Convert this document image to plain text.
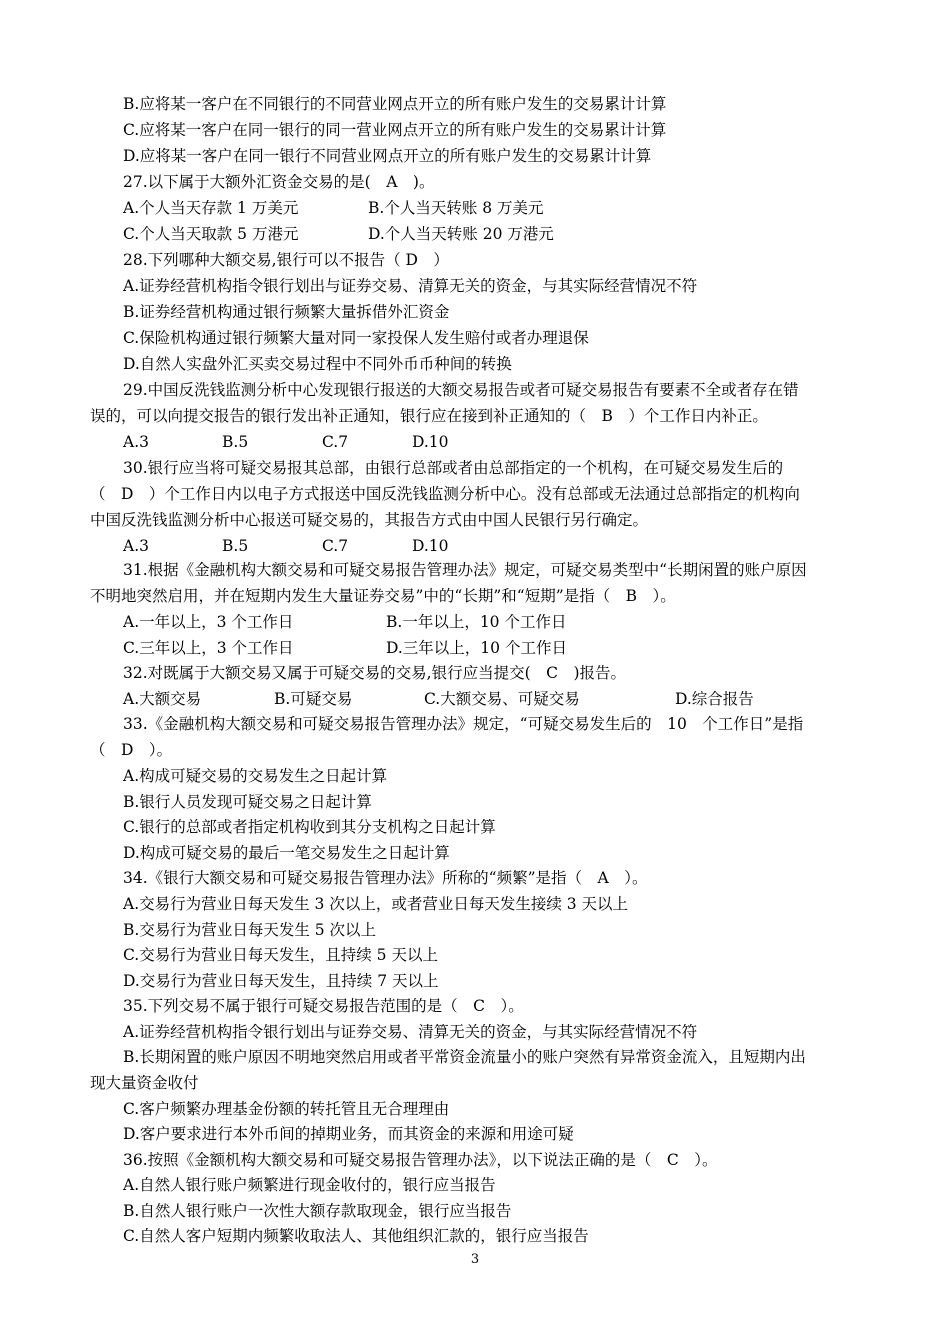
B.应将某一客户在不同银行的不同营业网点开立的所有账户发生的交易累计计算
C.应将某一客户在同一银行的同一营业网点开立的所有账户发生的交易累计计算
D.应将某一客户在同一银行不同营业网点开立的所有账户发生的交易累计计算
27.以下属于大额外汇资金交易的是(　A　)。
A.个人当天存款 1 万美元	B.个人当天转账 8 万美元
C.个人当天取款 5 万港元	D.个人当天转账 20 万港元
28.下列哪种大额交易,银行可以不报告（ D　）
A.证券经营机构指令银行划出与证券交易、清算无关的资金，与其实际经营情况不符
B.证券经营机构通过银行频繁大量拆借外汇资金
C.保险机构通过银行频繁大量对同一家投保人发生赔付或者办理退保
D.自然人实盘外汇买卖交易过程中不同外币币种间的转换
29.中国反洗钱监测分析中心发现银行报送的大额交易报告或者可疑交易报告有要素不全或者存在错
误的，可以向提交报告的银行发出补正通知，银行应在接到补正通知的（　B　）个工作日内补正。
A.3	B.5	C.7	D.10
30.银行应当将可疑交易报其总部，由银行总部或者由总部指定的一个机构，在可疑交易发生后的
（　D　）个工作日内以电子方式报送中国反洗钱监测分析中心。没有总部或无法通过总部指定的机构向
中国反洗钱监测分析中心报送可疑交易的，其报告方式由中国人民银行另行确定。
A.3	B.5	C.7	D.10
31.根据《金融机构大额交易和可疑交易报告管理办法》规定，可疑交易类型中“长期闲置的账户原因
不明地突然启用，并在短期内发生大量证券交易”中的“长期”和“短期”是指（　B　）。
A.一年以上，3 个工作日	B.一年以上，10 个工作日
C.三年以上，3 个工作日	D.三年以上，10 个工作日
32.对既属于大额交易又属于可疑交易的交易,银行应当提交(　C　)报告。
A.大额交易	B.可疑交易	C.大额交易、可疑交易	D.综合报告
33.《金融机构大额交易和可疑交易报告管理办法》规定，“可疑交易发生后的　10　个工作日”是指
（　D　）。
A.构成可疑交易的交易发生之日起计算
B.银行人员发现可疑交易之日起计算
C.银行的总部或者指定机构收到其分支机构之日起计算
D.构成可疑交易的最后一笔交易发生之日起计算
34.《银行大额交易和可疑交易报告管理办法》所称的“频繁”是指（　A　）。
A.交易行为营业日每天发生 3 次以上，或者营业日每天发生接续 3 天以上
B.交易行为营业日每天发生 5 次以上
C.交易行为营业日每天发生，且持续 5 天以上
D.交易行为营业日每天发生，且持续 7 天以上
35.下列交易不属于银行可疑交易报告范围的是（　C　）。
A.证券经营机构指令银行划出与证券交易、清算无关的资金，与其实际经营情况不符
B.长期闲置的账户原因不明地突然启用或者平常资金流量小的账户突然有异常资金流入，且短期内出
现大量资金收付
C.客户频繁办理基金份额的转托管且无合理理由
D.客户要求进行本外币间的掉期业务，而其资金的来源和用途可疑
36.按照《金额机构大额交易和可疑交易报告管理办法》，以下说法正确的是（　C　）。
A.自然人银行账户频繁进行现金收付的，银行应当报告
B.自然人银行账户一次性大额存款取现金，银行应当报告
C.自然人客户短期内频繁收取法人、其他组织汇款的，银行应当报告
3
